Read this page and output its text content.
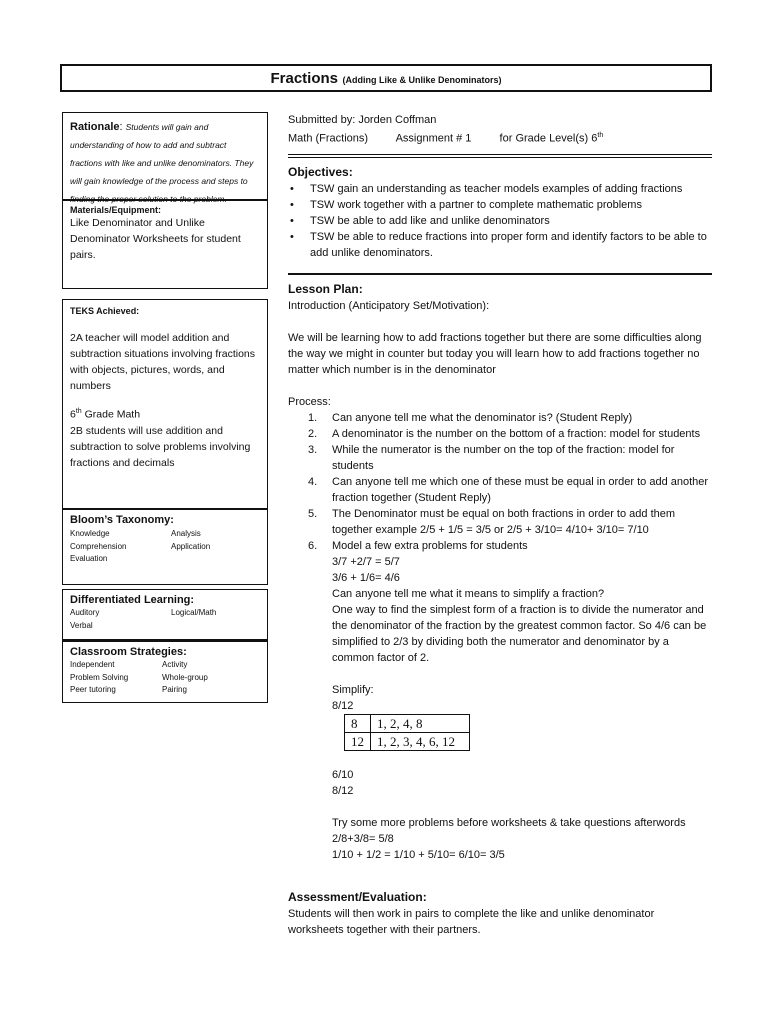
Fractions (Adding Like & Unlike Denominators)
Rationale: Students will gain and understanding of how to add and subtract fractions with like and unlike denominators. They will gain knowledge of the process and steps to finding the proper solution to the problem.
Materials/Equipment:
Like Denominator and Unlike Denominator Worksheets for student pairs.
TEKS Achieved:
2A teacher will model addition and subtraction situations involving fractions with objects, pictures, words, and numbers
6th Grade Math
2B students will use addition and subtraction to solve problems involving fractions and decimals
Bloom’s Taxonomy:
Knowledge	Analysis
Comprehension	Application
Evaluation
Differentiated Learning:
Auditory	Logical/Math
Verbal
Classroom Strategies:
Independent	Activity
Problem Solving	Whole-group
Peer tutoring	Pairing
Submitted by: Jorden Coffman
Math (Fractions)	Assignment # 1	for Grade Level(s) 6th
Objectives:
• TSW gain an understanding as teacher models examples of adding fractions
• TSW work together with a partner to complete mathematic problems
• TSW be able to add like and unlike denominators
• TSW be able to reduce fractions into proper form and identify factors to be able to add unlike denominators.
Lesson Plan:
Introduction (Anticipatory Set/Motivation):
We will be learning how to add fractions together but there are some difficulties along the way we might in counter but today you will learn how to add fractions together no matter which number is in the denominator
Process:
1. Can anyone tell me what the denominator is? (Student Reply)
2. A denominator is the number on the bottom of a fraction: model for students
3. While the numerator is the number on the top of the fraction: model for students
4. Can anyone tell me which one of these must be equal in order to add another fraction together (Student Reply)
5. The Denominator must be equal on both fractions in order to add them together example 2/5 + 1/5 = 3/5 or 2/5 + 3/10= 4/10+ 3/10= 7/10
6. Model a few extra problems for students
3/7 +2/7 = 5/7
3/6 + 1/6= 4/6
Can anyone tell me what it means to simplify a fraction?
One way to find the simplest form of a fraction is to divide the numerator and the denominator of the fraction by the greatest common factor. So 4/6 can be simplified to 2/3 by dividing both the numerator and denominator by a common factor of 2.
Simplify:
8/12
8	1, 2, 4, 8
12	1, 2, 3, 4, 6, 12
6/10
8/12
Try some more problems before worksheets & take questions afterwords
2/8+3/8= 5/8
1/10 + 1/2 = 1/10 + 5/10= 6/10= 3/5
Assessment/Evaluation:
Students will then work in pairs to complete the like and unlike denominator worksheets together with their partners.
